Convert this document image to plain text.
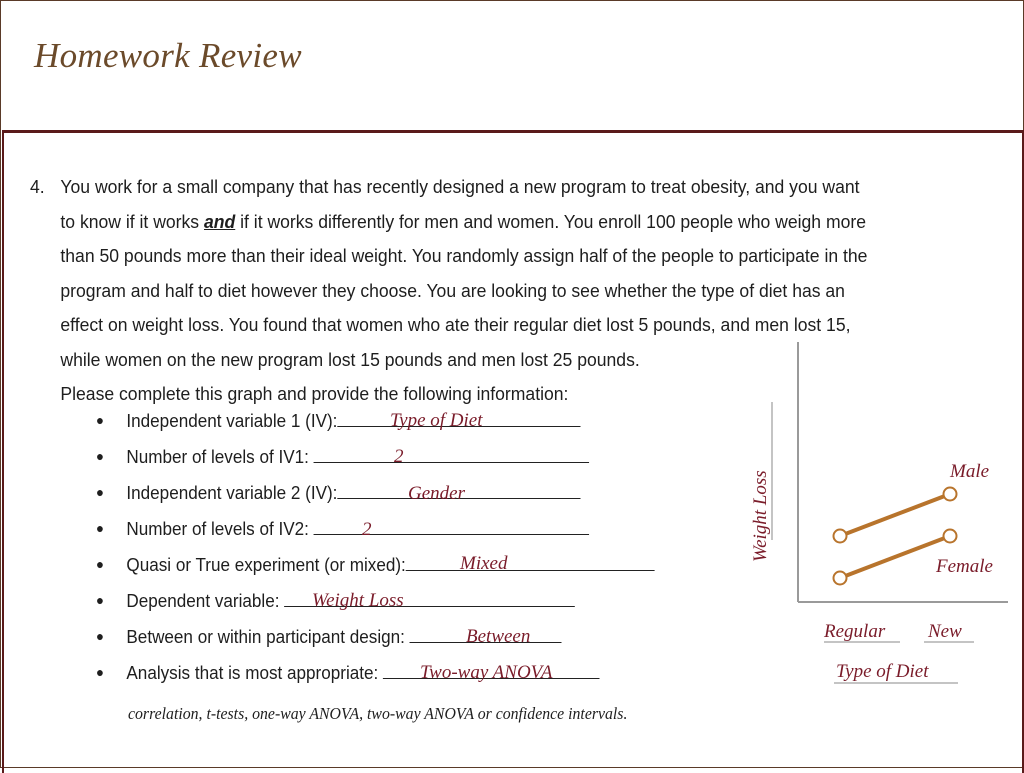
Homework Review
4. You work for a small company that has recently designed a new program to treat obesity, and you want
to know if it works and if it works differently for men and women. You enroll 100 people who weigh more
than 50 pounds more than their ideal weight. You randomly assign half of the people to participate in the
program and half to diet however they choose. You are looking to see whether the type of diet has an
effect on weight loss. You found that women who ate their regular diet lost 5 pounds, and men lost 15,
while women on the new program lost 15 pounds and men lost 25 pounds.
Please complete this graph and provide the following information:
● Independent variable 1 (IV):
● Number of levels of IV1:
● Independent variable 2 (IV):
● Number of levels of IV2:
● Quasi or True experiment (or mixed):
● Dependent variable:
● Between or within participant design:
● Analysis that is most appropriate:
Type of Diet
2
Gender
2
Mixed
Weight Loss
Between
Two-way ANOVA
correlation, t-tests, one-way ANOVA, two-way ANOVA or confidence intervals.
Weight Loss	Male
Female
Regular New
Type of Diet
